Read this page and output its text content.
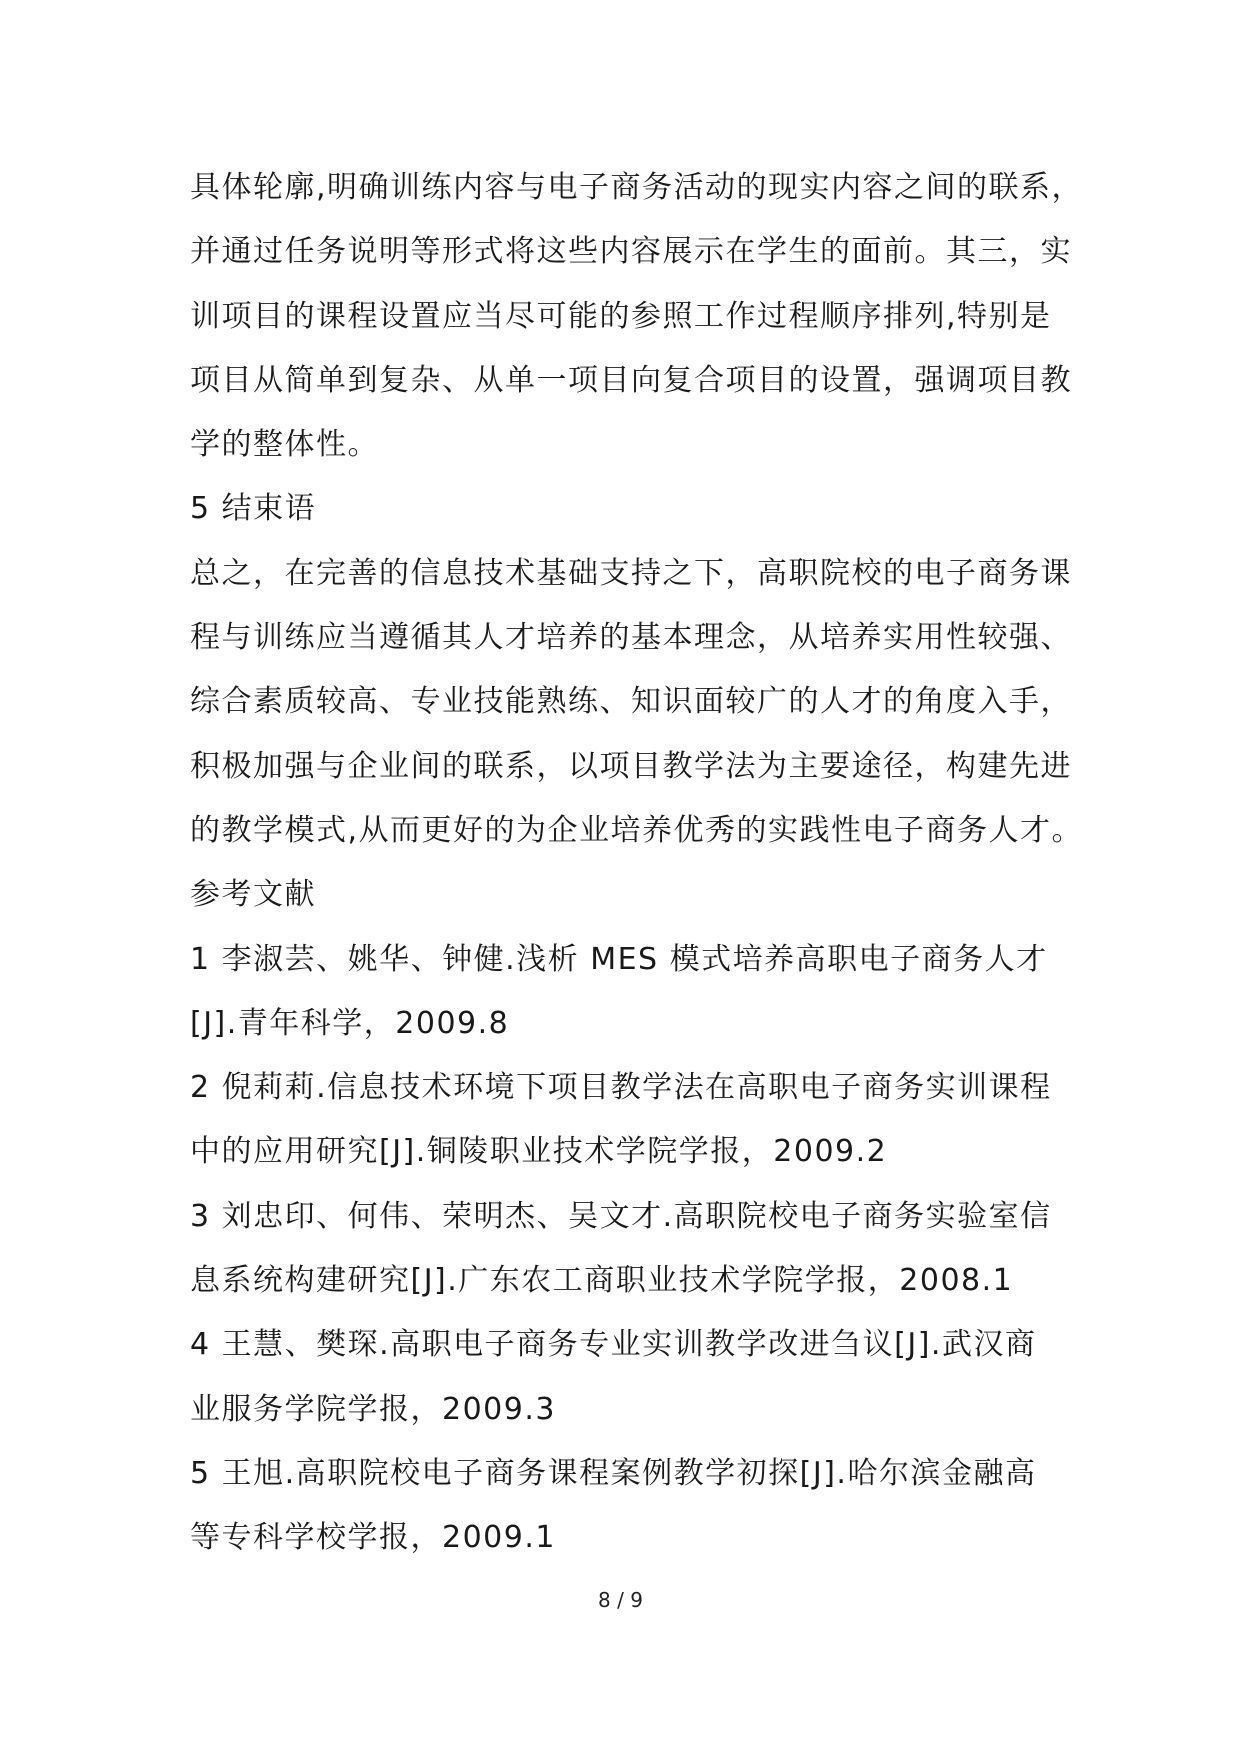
具体轮廓,明确训练内容与电子商务活动的现实内容之间的联系，
并通过任务说明等形式将这些内容展示在学生的面前。其三，实
训项目的课程设置应当尽可能的参照工作过程顺序排列,特别是
项目从简单到复杂、从单一项目向复合项目的设置，强调项目教
学的整体性。
5 结束语
总之，在完善的信息技术基础支持之下，高职院校的电子商务课
程与训练应当遵循其人才培养的基本理念，从培养实用性较强、
综合素质较高、专业技能熟练、知识面较广的人才的角度入手，
积极加强与企业间的联系，以项目教学法为主要途径，构建先进
的教学模式,从而更好的为企业培养优秀的实践性电子商务人才。
参考文献
1 李淑芸、姚华、钟健.浅析 MES 模式培养高职电子商务人才
[J].青年科学，2009.8
2 倪莉莉.信息技术环境下项目教学法在高职电子商务实训课程
中的应用研究[J].铜陵职业技术学院学报，2009.2
3 刘忠印、何伟、荣明杰、吴文才.高职院校电子商务实验室信
息系统构建研究[J].广东农工商职业技术学院学报，2008.1
4 王慧、樊琛.高职电子商务专业实训教学改进刍议[J].武汉商
业服务学院学报，2009.3
5 王旭.高职院校电子商务课程案例教学初探[J].哈尔滨金融高
等专科学校学报，2009.1
8 / 9
